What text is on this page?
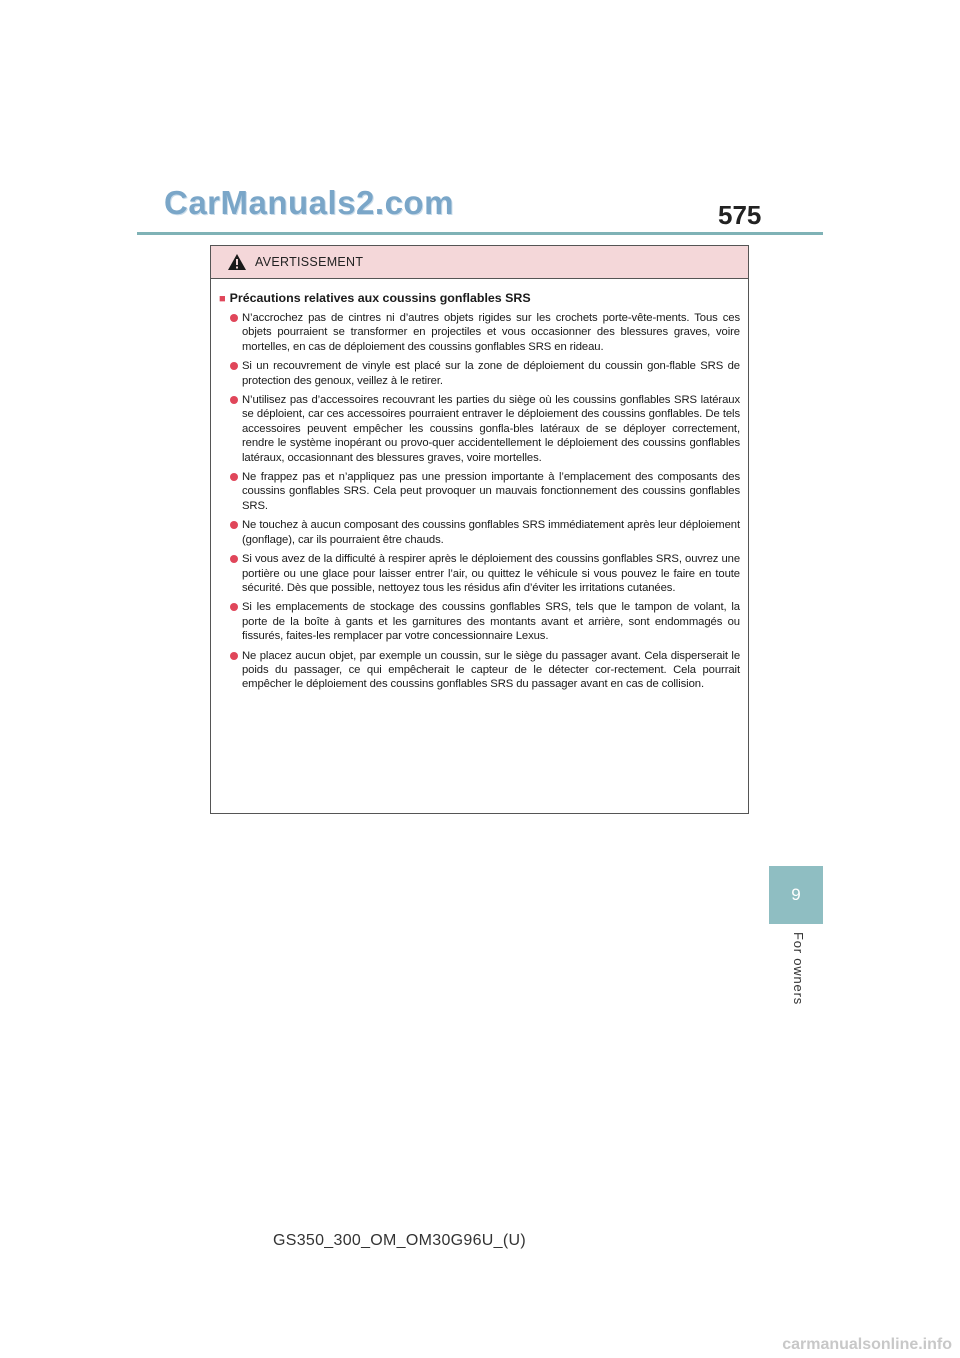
CarManuals2.com	575
AVERTISSEMENT
■ Précautions relatives aux coussins gonflables SRS
N’accrochez pas de cintres ni d’autres objets rigides sur les crochets porte-vête-ments. Tous ces objets pourraient se transformer en projectiles et vous occasionner des blessures graves, voire mortelles, en cas de déploiement des coussins gonflables SRS en rideau.
Si un recouvrement de vinyle est placé sur la zone de déploiement du coussin gon-flable SRS de protection des genoux, veillez à le retirer.
N’utilisez pas d’accessoires recouvrant les parties du siège où les coussins gonflables SRS latéraux se déploient, car ces accessoires pourraient entraver le déploiement des coussins gonflables. De tels accessoires peuvent empêcher les coussins gonfla-bles latéraux de se déployer correctement, rendre le système inopérant ou provo-quer accidentellement le déploiement des coussins gonflables latéraux, occasionnant des blessures graves, voire mortelles.
Ne frappez pas et n’appliquez pas une pression importante à l’emplacement des composants des coussins gonflables SRS. Cela peut provoquer un mauvais fonctionnement des coussins gonflables SRS.
Ne touchez à aucun composant des coussins gonflables SRS immédiatement après leur déploiement (gonflage), car ils pourraient être chauds.
Si vous avez de la difficulté à respirer après le déploiement des coussins gonflables SRS, ouvrez une portière ou une glace pour laisser entrer l’air, ou quittez le véhicule si vous pouvez le faire en toute sécurité. Dès que possible, nettoyez tous les résidus afin d’éviter les irritations cutanées.
Si les emplacements de stockage des coussins gonflables SRS, tels que le tampon de volant, la porte de la boîte à gants et les garnitures des montants avant et arrière, sont endommagés ou fissurés, faites-les remplacer par votre concessionnaire Lexus.
Ne placez aucun objet, par exemple un coussin, sur le siège du passager avant. Cela disperserait le poids du passager, ce qui empêcherait le capteur de le détecter cor-rectement. Cela pourrait empêcher le déploiement des coussins gonflables SRS du passager avant en cas de collision.
9
For owners
GS350_300_OM_OM30G96U_(U)
carmanualsonline.info
